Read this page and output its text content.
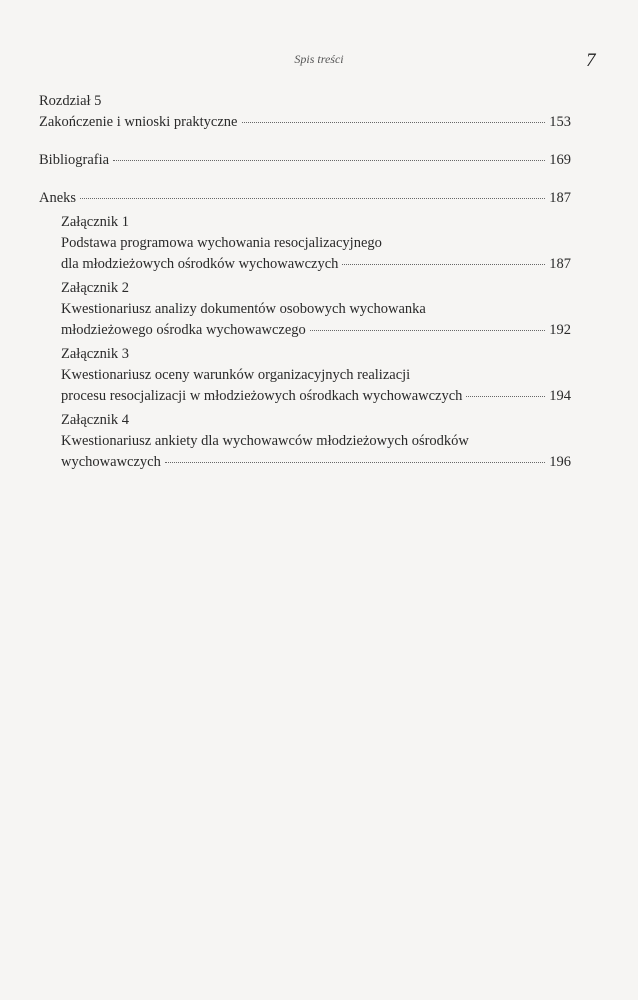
Spis treści	7
Rozdział 5
Zakończenie i wnioski praktyczne	153
Bibliografia	169
Aneks	187
Załącznik 1
Podstawa programowa wychowania resocjalizacyjnego
dla młodzieżowych ośrodków wychowawczych	187
Załącznik 2
Kwestionariusz analizy dokumentów osobowych wychowanka
młodzieżowego ośrodka wychowawczego	192
Załącznik 3
Kwestionariusz oceny warunków organizacyjnych realizacji
procesu resocjalizacji w młodzieżowych ośrodkach wychowawczych	194
Załącznik 4
Kwestionariusz ankiety dla wychowawców młodzieżowych ośrodków
wychowawczych	196
